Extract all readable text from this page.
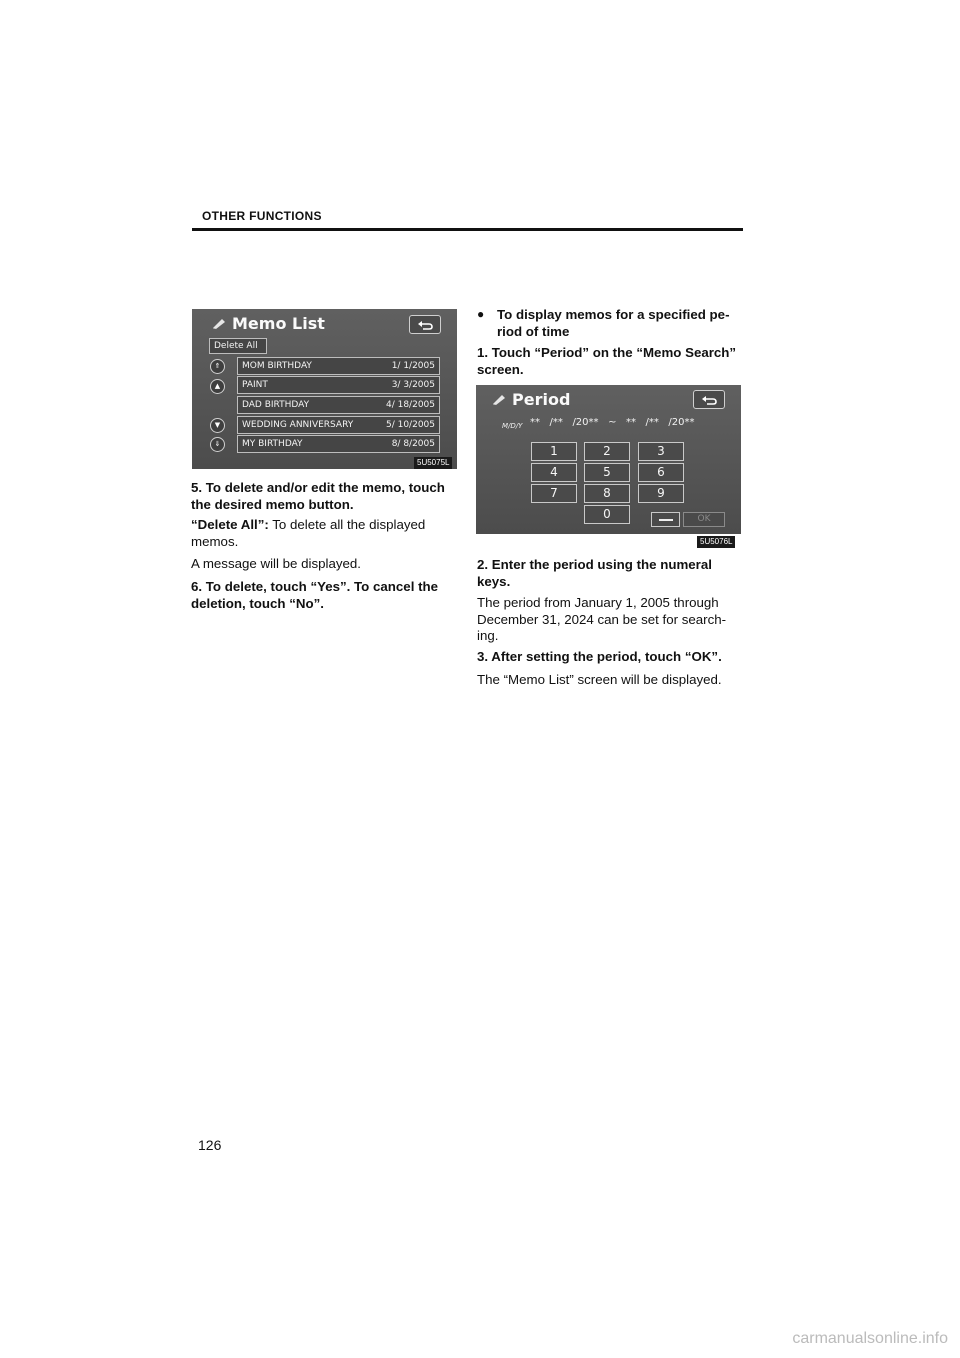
OTHER FUNCTIONS
Memo List
Delete All
⇑
▲
▼
⇓
MOM BIRTHDAY	1/ 1/2005
PAINT	3/ 3/2005
DAD BIRTHDAY	4/ 18/2005
WEDDING ANNIVERSARY	5/ 10/2005
MY BIRTHDAY	8/ 8/2005
5U5075L
5. To delete and/or edit the memo, touch the desired memo button.
“Delete All”: To delete all the displayed memos.
A message will be displayed.
6. To delete, touch “Yes”. To cancel the deletion, touch “No”.
● To display memos for a specified pe-
riod of time
1. Touch “Period” on the “Memo Search” screen.
Period
M/D/Y **   /**   /20**   ~   **   /**   /20**
1	2	3
4	5	6
7	8	9
0	OK
5U5076L
2. Enter the period using the numeral keys.
The period from January 1, 2005 through December 31, 2024 can be set for search- ing.
3. After setting the period, touch “OK”.
The “Memo List” screen will be displayed.
126
carmanualsonline.info
